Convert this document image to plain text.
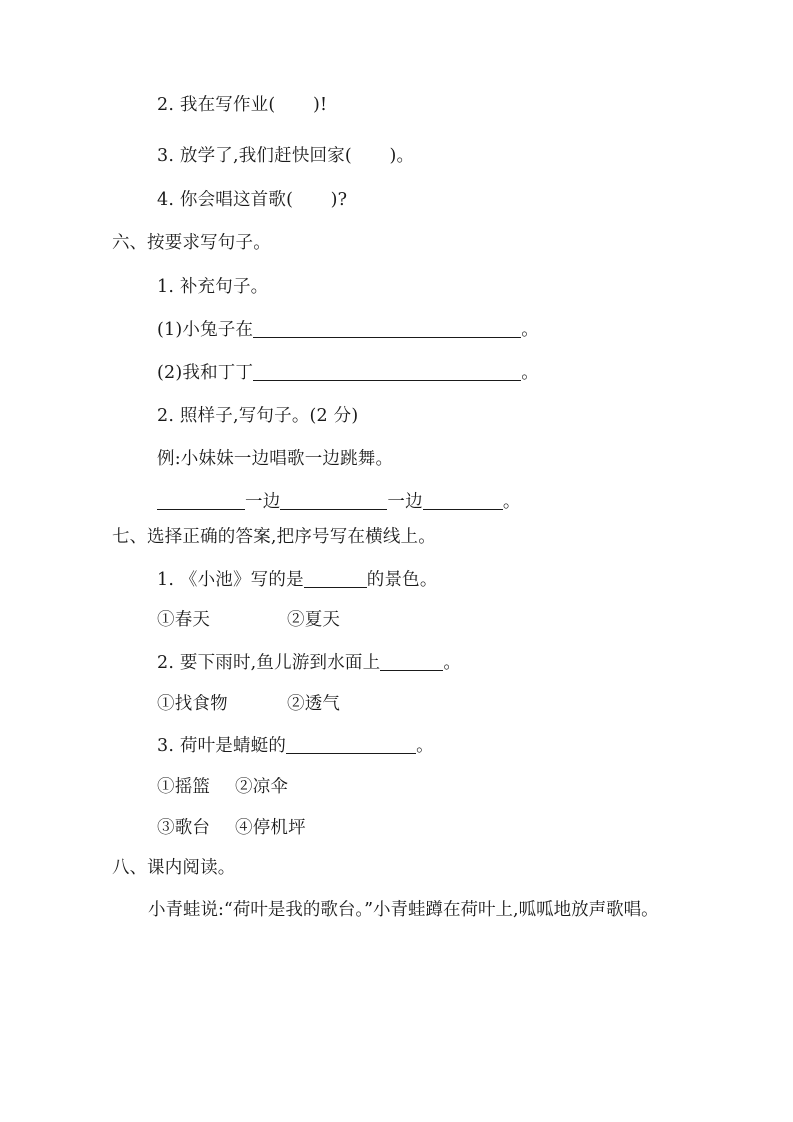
2. 我在写作业( )!
3. 放学了,我们赶快回家( )。
4. 你会唱这首歌( )?
六、按要求写句子。
1. 补充句子。
(1)小兔子在	。
(2)我和丁丁	。
2. 照样子,写句子。(2 分)
例:小妹妹一边唱歌一边跳舞。
一边	一边	。
七、选择正确的答案,把序号写在横线上。
1. 《小池》写的是	的景色。
①春天	②夏天
2. 要下雨时,鱼儿游到水面上	。
①找食物	②透气
3. 荷叶是蜻蜓的	。
①摇篮 ②凉伞
③歌台 ④停机坪
八、课内阅读。
小青蛙说:“荷叶是我的歌台。”小青蛙蹲在荷叶上,呱呱地放声歌唱。
